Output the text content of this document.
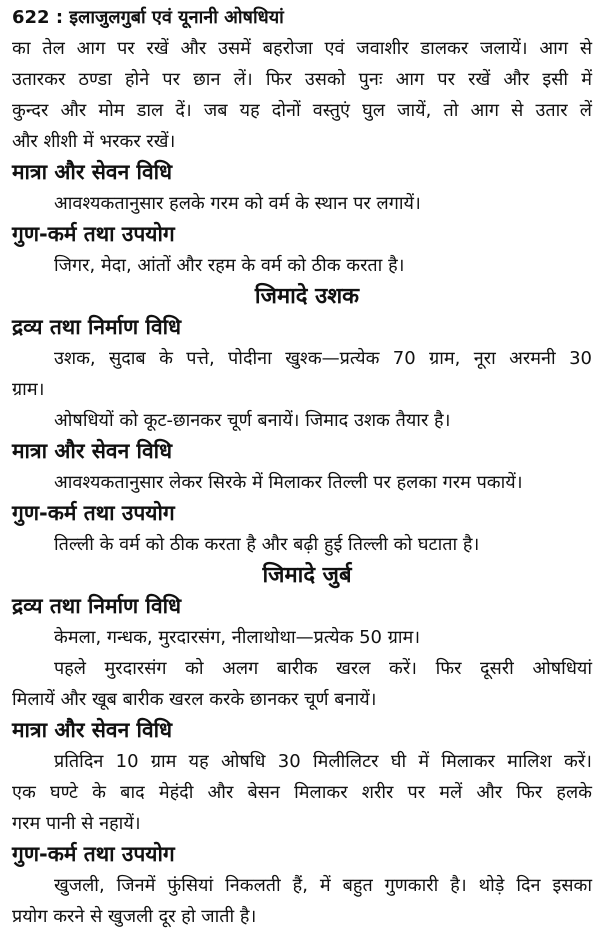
622 : इलाजुलगुर्बा एवं यूनानी ओषधियां
का तेल आग पर रखें और उसमें बहरोजा एवं जवाशीर डालकर जलायें। आग से
उतारकर ठण्डा होने पर छान लें। फिर उसको पुनः आग पर रखें और इसी में
कुन्दर और मोम डाल दें। जब यह दोनों वस्तुएं घुल जायें, तो आग से उतार लें
और शीशी में भरकर रखें।
मात्रा और सेवन विधि
आवश्यकतानुसार हलके गरम को वर्म के स्थान पर लगायें।
गुण-कर्म तथा उपयोग
जिगर, मेदा, आंतों और रहम के वर्म को ठीक करता है।
जिमादे उशक
द्रव्य तथा निर्माण विधि
उशक, सुदाब के पत्ते, पोदीना खुश्क—प्रत्येक 70 ग्राम, नूरा अरमनी 30
ग्राम।
ओषधियों को कूट-छानकर चूर्ण बनायें। जिमाद उशक तैयार है।
मात्रा और सेवन विधि
आवश्यकतानुसार लेकर सिरके में मिलाकर तिल्ली पर हलका गरम पकायें।
गुण-कर्म तथा उपयोग
तिल्ली के वर्म को ठीक करता है और बढ़ी हुई तिल्ली को घटाता है।
जिमादे जुर्ब
द्रव्य तथा निर्माण विधि
केमला, गन्धक, मुरदारसंग, नीलाथोथा—प्रत्येक 50 ग्राम।
पहले मुरदारसंग को अलग बारीक खरल करें। फिर दूसरी ओषधियां
मिलायें और खूब बारीक खरल करके छानकर चूर्ण बनायें।
मात्रा और सेवन विधि
प्रतिदिन 10 ग्राम यह ओषधि 30 मिलीलिटर घी में मिलाकर मालिश करें।
एक घण्टे के बाद मेहंदी और बेसन मिलाकर शरीर पर मलें और फिर हलके
गरम पानी से नहायें।
गुण-कर्म तथा उपयोग
खुजली, जिनमें फुंसियां निकलती हैं, में बहुत गुणकारी है। थोड़े दिन इसका
प्रयोग करने से खुजली दूर हो जाती है।
